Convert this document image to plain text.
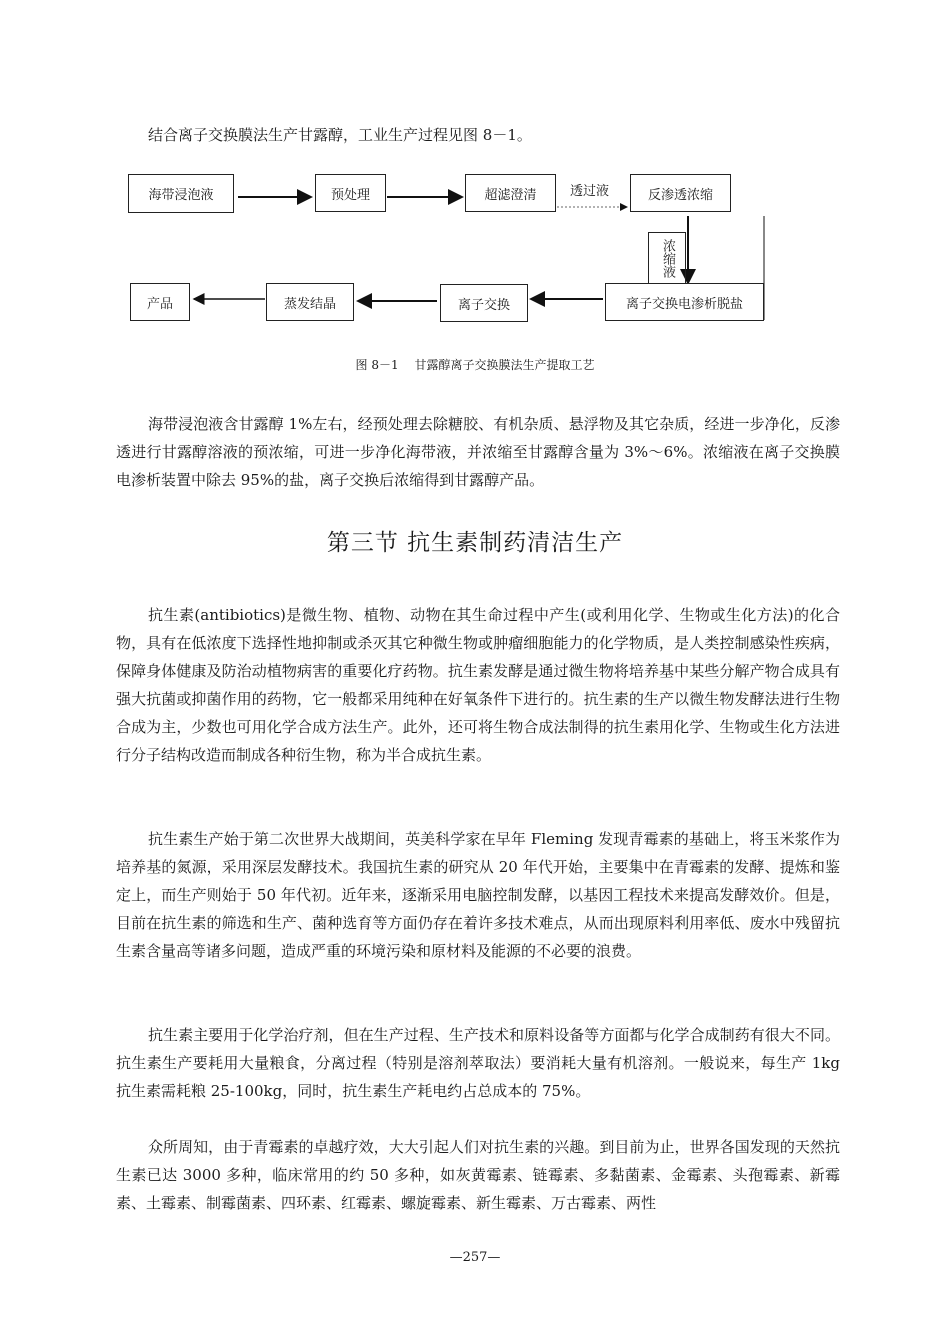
结合离子交换膜法生产甘露醇，工业生产过程见图 8－1。

海带浸泡液	预处理	超滤澄清	反渗透浓缩
透过液
浓缩液
离子交换电渗析脱盐
离子交换
蒸发结晶
产品

图 8－1　 甘露醇离子交换膜法生产提取工艺

海带浸泡液含甘露醇 1%左右，经预处理去除糖胶、有机杂质、悬浮物及其它杂质，经进一步净化，反渗透进行甘露醇溶液的预浓缩，可进一步净化海带液，并浓缩至甘露醇含量为 3%～6%。浓缩液在离子交换膜电渗析装置中除去 95%的盐，离子交换后浓缩得到甘露醇产品。

第三节 抗生素制药清洁生产

抗生素(antibiotics)是微生物、植物、动物在其生命过程中产生(或利用化学、生物或生化方法)的化合物，具有在低浓度下选择性地抑制或杀灭其它种微生物或肿瘤细胞能力的化学物质，是人类控制感染性疾病，保障身体健康及防治动植物病害的重要化疗药物。抗生素发酵是通过微生物将培养基中某些分解产物合成具有强大抗菌或抑菌作用的药物，它一般都采用纯种在好氧条件下进行的。抗生素的生产以微生物发酵法进行生物合成为主，少数也可用化学合成方法生产。此外，还可将生物合成法制得的抗生素用化学、生物或生化方法进行分子结构改造而制成各种衍生物，称为半合成抗生素。

抗生素生产始于第二次世界大战期间，英美科学家在早年 Fleming 发现青霉素的基础上，将玉米浆作为培养基的氮源，采用深层发酵技术。我国抗生素的研究从 20 年代开始，主要集中在青霉素的发酵、提炼和鉴定上，而生产则始于 50 年代初。近年来，逐渐采用电脑控制发酵，以基因工程技术来提高发酵效价。但是，目前在抗生素的筛选和生产、菌种选育等方面仍存在着许多技术难点，从而出现原料利用率低、废水中残留抗生素含量高等诸多问题，造成严重的环境污染和原材料及能源的不必要的浪费。

抗生素主要用于化学治疗剂，但在生产过程、生产技术和原料设备等方面都与化学合成制药有很大不同。抗生素生产要耗用大量粮食，分离过程（特别是溶剂萃取法）要消耗大量有机溶剂。一般说来，每生产 1kg 抗生素需耗粮 25-100kg，同时，抗生素生产耗电约占总成本的 75%。

众所周知，由于青霉素的卓越疗效，大大引起人们对抗生素的兴趣。到目前为止，世界各国发现的天然抗生素已达 3000 多种，临床常用的约 50 多种，如灰黄霉素、链霉素、多黏菌素、金霉素、头孢霉素、新霉素、土霉素、制霉菌素、四环素、红霉素、螺旋霉素、新生霉素、万古霉素、两性

—257—
